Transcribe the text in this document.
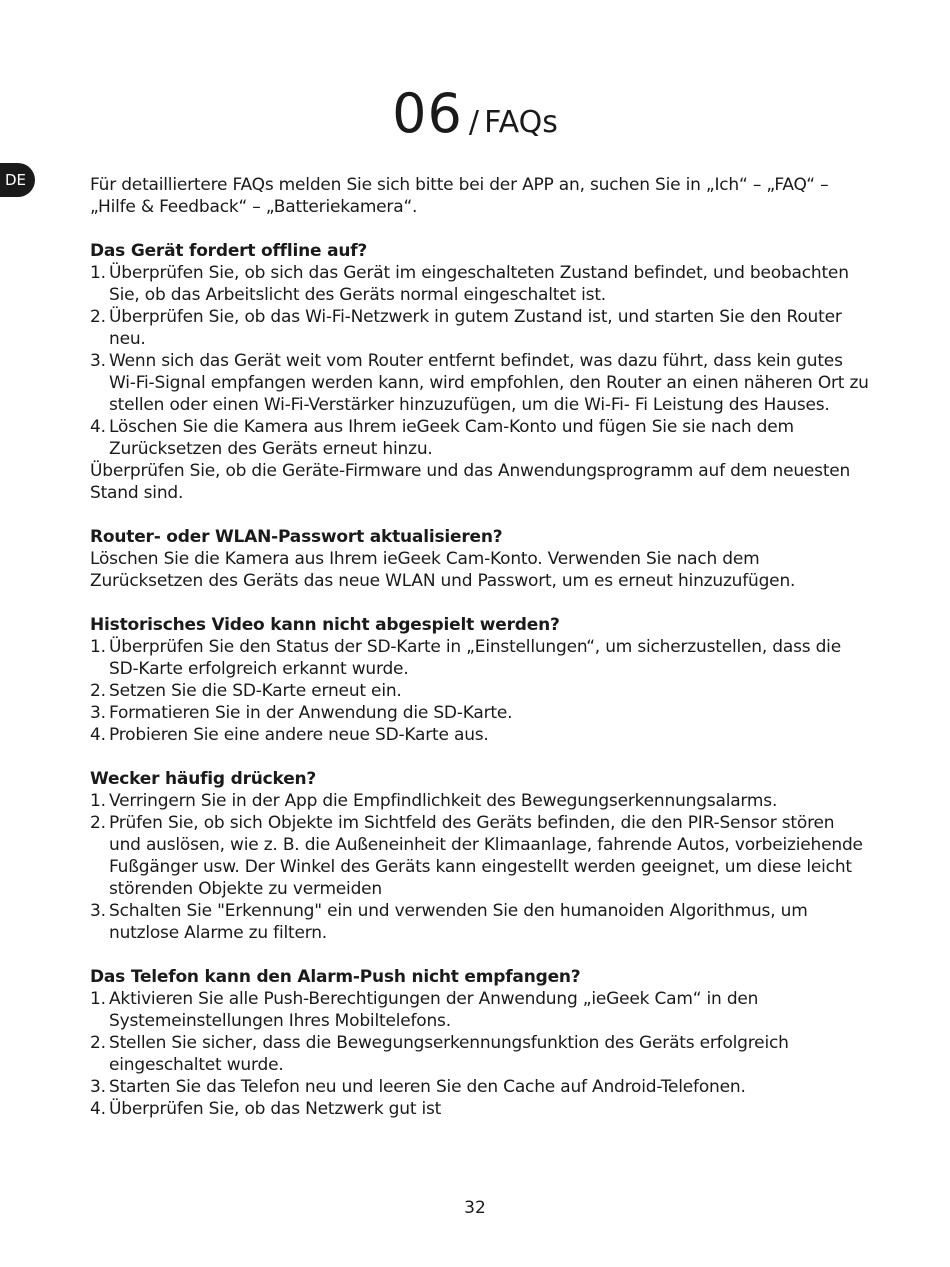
06 / FAQs
DE	Für detailliertere FAQs melden Sie sich bitte bei der APP an, suchen Sie in „Ich“ – „FAQ“ – „Hilfe & Feedback“ – „Batteriekamera“.

Das Gerät fordert offline auf?
1. Überprüfen Sie, ob sich das Gerät im eingeschalteten Zustand befindet, und beobachten Sie, ob das Arbeitslicht des Geräts normal eingeschaltet ist.
2. Überprüfen Sie, ob das Wi-Fi-Netzwerk in gutem Zustand ist, und starten Sie den Router neu.
3. Wenn sich das Gerät weit vom Router entfernt befindet, was dazu führt, dass kein gutes Wi-Fi-Signal empfangen werden kann, wird empfohlen, den Router an einen näheren Ort zu stellen oder einen Wi-Fi-Verstärker hinzuzufügen, um die Wi-Fi- Fi Leistung des Hauses.
4. Löschen Sie die Kamera aus Ihrem ieGeek Cam-Konto und fügen Sie sie nach dem Zurücksetzen des Geräts erneut hinzu.

Überprüfen Sie, ob die Geräte-Firmware und das Anwendungsprogramm auf dem neuesten Stand sind.

Router- oder WLAN-Passwort aktualisieren?

Löschen Sie die Kamera aus Ihrem ieGeek Cam-Konto. Verwenden Sie nach dem Zurücksetzen des Geräts das neue WLAN und Passwort, um es erneut hinzuzufügen.

Historisches Video kann nicht abgespielt werden?
1. Überprüfen Sie den Status der SD-Karte in „Einstellungen“, um sicherzustellen, dass die SD-Karte erfolgreich erkannt wurde.
2. Setzen Sie die SD-Karte erneut ein.
3. Formatieren Sie in der Anwendung die SD-Karte.
4. Probieren Sie eine andere neue SD-Karte aus.
Wecker häufig drücken?
1. Verringern Sie in der App die Empfindlichkeit des Bewegungserkennungsalarms.
2. Prüfen Sie, ob sich Objekte im Sichtfeld des Geräts befinden, die den PIR-Sensor stören und auslösen, wie z. B. die Außeneinheit der Klimaanlage, fahrende Autos, vorbeiziehende Fußgänger usw. Der Winkel des Geräts kann eingestellt werden geeignet, um diese leicht störenden Objekte zu vermeiden
3. Schalten Sie "Erkennung" ein und verwenden Sie den humanoiden Algorithmus, um nutzlose Alarme zu filtern.
Das Telefon kann den Alarm-Push nicht empfangen?
1. Aktivieren Sie alle Push-Berechtigungen der Anwendung „ieGeek Cam“ in den Systemeinstellungen Ihres Mobiltelefons.
2. Stellen Sie sicher, dass die Bewegungserkennungsfunktion des Geräts erfolgreich eingeschaltet wurde.
3. Starten Sie das Telefon neu und leeren Sie den Cache auf Android-Telefonen.
4. Überprüfen Sie, ob das Netzwerk gut ist
32
